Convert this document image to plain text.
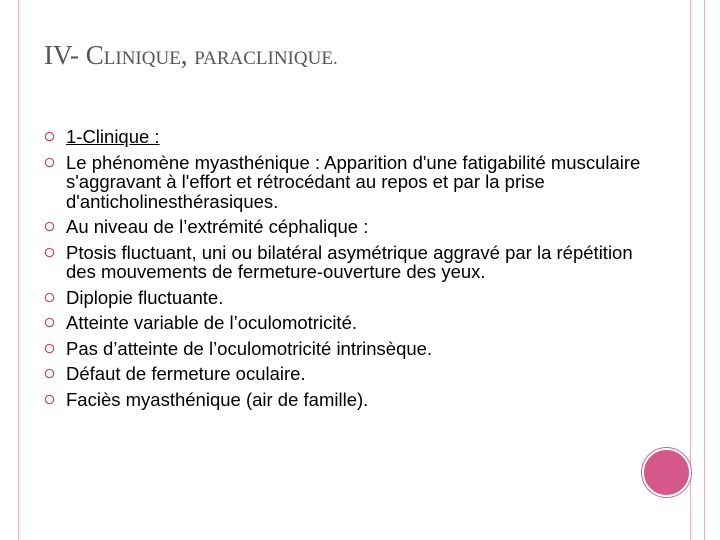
IV- CLINIQUE, PARACLINIQUE.
1-Clinique :
Le phénomène myasthénique : Apparition d'une fatigabilité musculaire s'aggravant à l'effort et rétrocédant au repos et par la prise d'anticholinesthérasiques.
Au niveau de l’extrémité céphalique :
Ptosis fluctuant, uni ou bilatéral asymétrique aggravé par la répétition des mouvements de fermeture-ouverture des yeux.
Diplopie fluctuante.
Atteinte variable de l’oculomotricité.
Pas d’atteinte de l’oculomotricité intrinsèque.
Défaut de fermeture oculaire.
Faciès myasthénique (air de famille).
